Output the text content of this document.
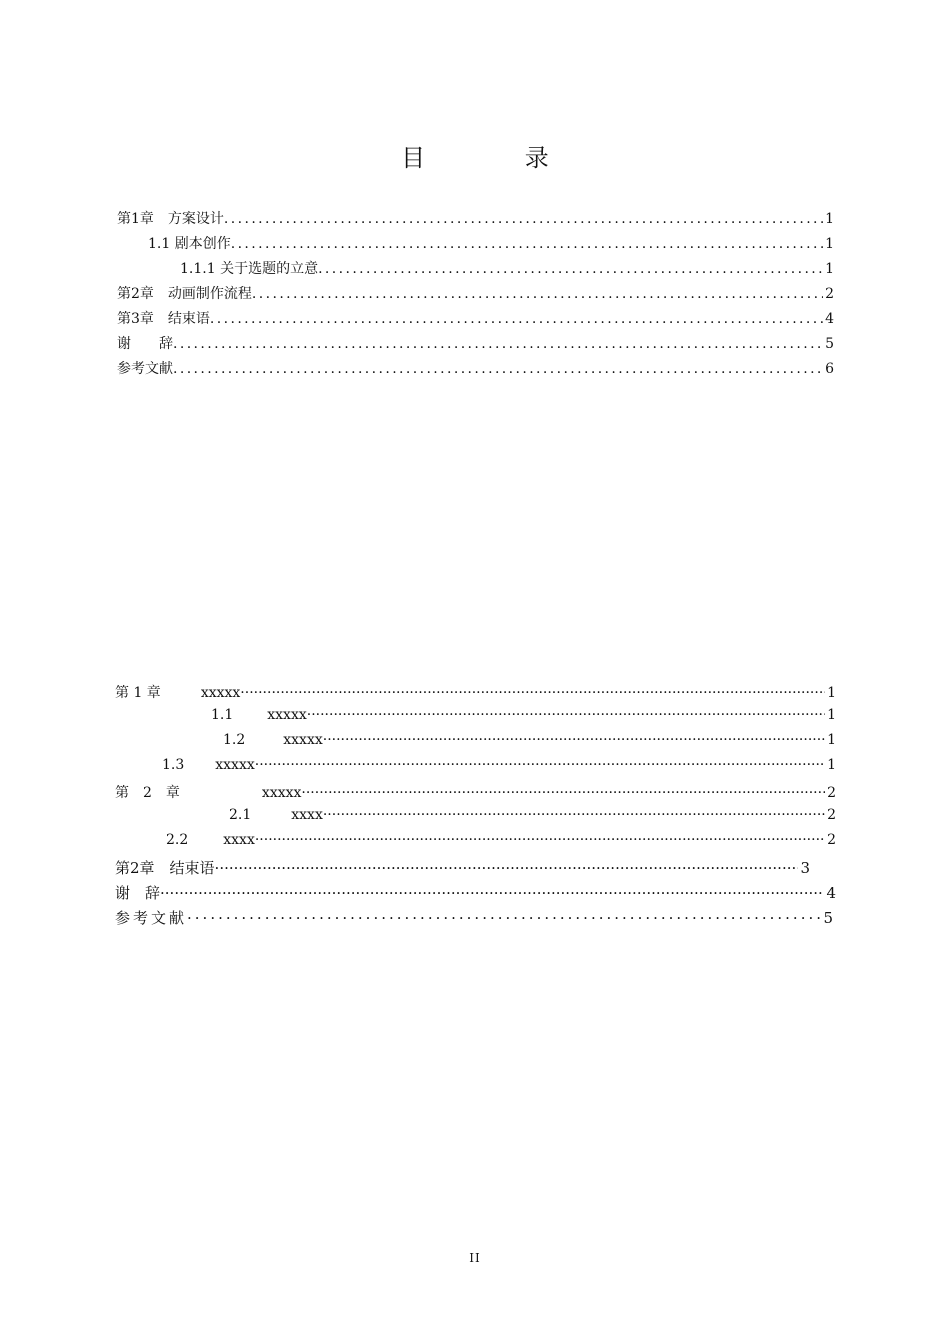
目 录
第1章　方案设计 .....	1
1.1 剧本创作 .....	1
1.1.1 关于选题的立意 .....	1
第2章　动画制作流程 .....	2
第3章　结束语 .....	4
谢　　辞 .....	5
参考文献 .....	6
第 1 章	xxxxx ·····	1
1.1	xxxxx ·····	1
1.2	xxxxx ·····	1
1.3	xxxxx ·····	1
第　2　章	xxxxx ·····	2
2.1	xxxx ·····	2
2.2	xxxx ·····	2
第2章　结束语 ·····	3
谢　辞 ·····	4
参考文献 ·····	5
II
